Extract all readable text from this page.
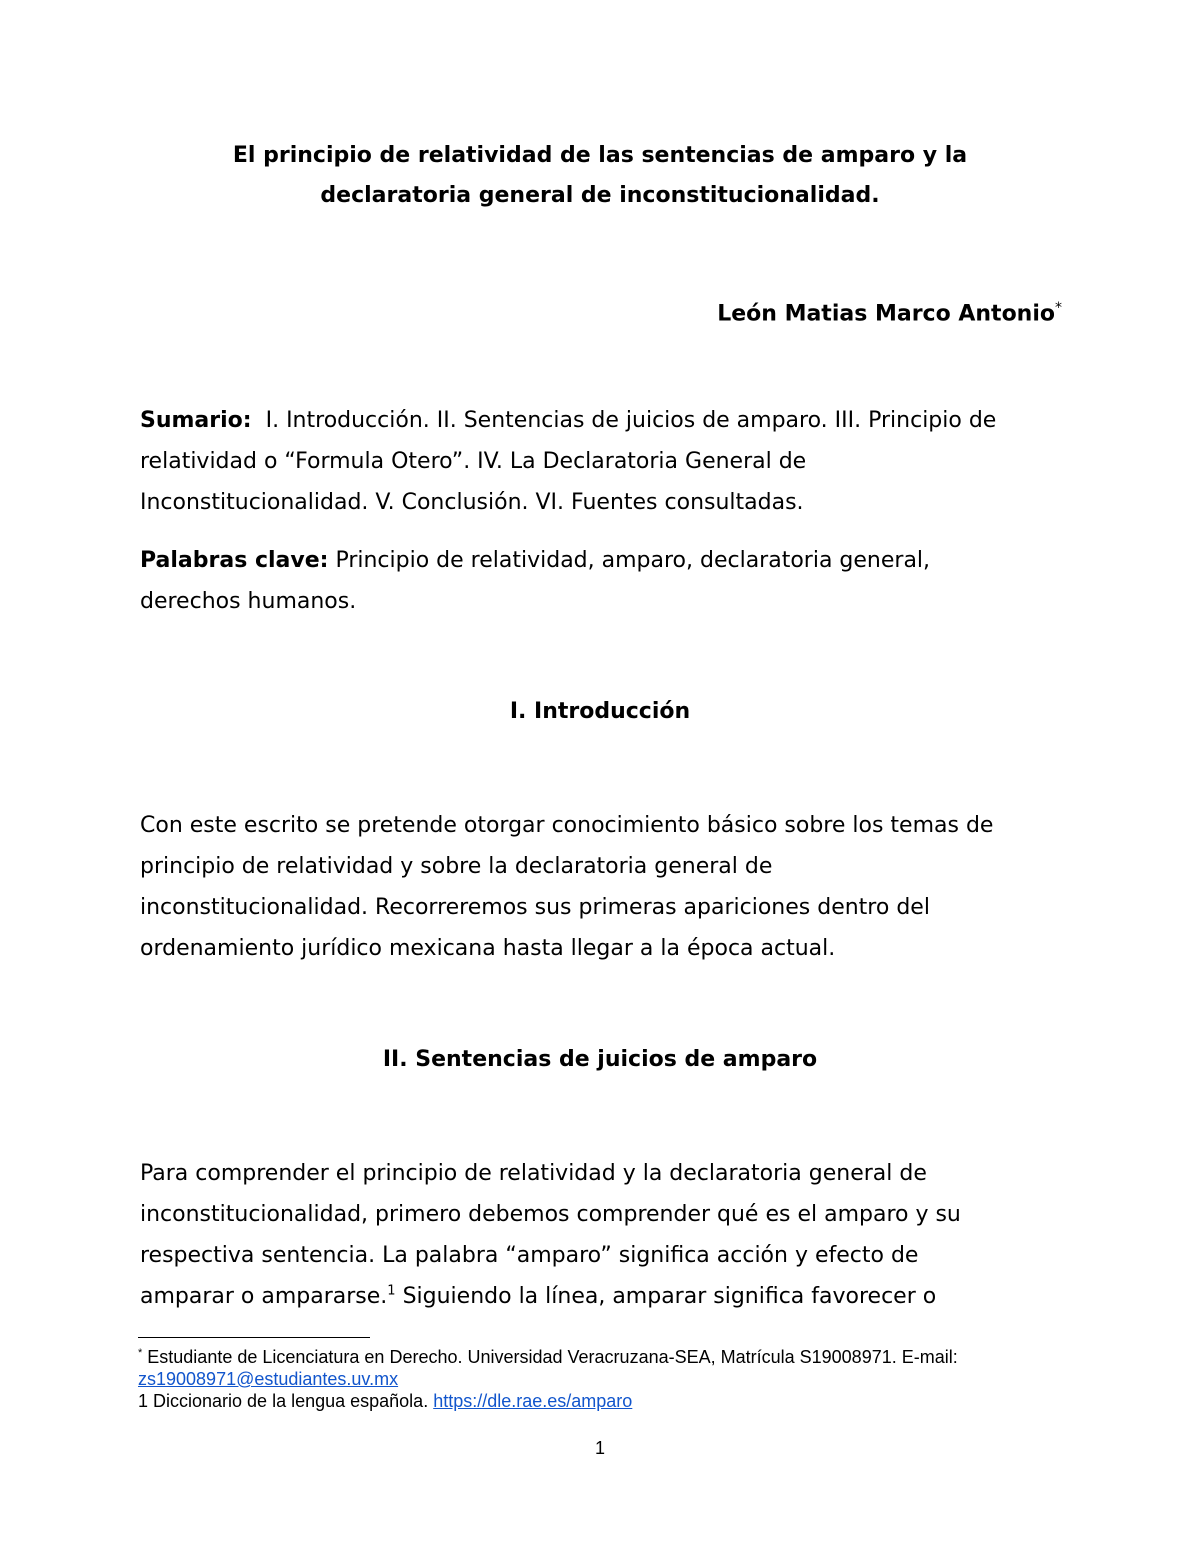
El principio de relatividad de las sentencias de amparo y la
declaratoria general de inconstitucionalidad.
León Matias Marco Antonio*
Sumario: I. Introducción. II. Sentencias de juicios de amparo. III. Principio de
relatividad o “Formula Otero”. IV. La Declaratoria General de
Inconstitucionalidad. V. Conclusión. VI. Fuentes consultadas.
Palabras clave: Principio de relatividad, amparo, declaratoria general,
derechos humanos.
I. Introducción
Con este escrito se pretende otorgar conocimiento básico sobre los temas de
principio de relatividad y sobre la declaratoria general de
inconstitucionalidad. Recorreremos sus primeras apariciones dentro del
ordenamiento jurídico mexicana hasta llegar a la época actual.
II. Sentencias de juicios de amparo
Para comprender el principio de relatividad y la declaratoria general de
inconstitucionalidad, primero debemos comprender qué es el amparo y su
respectiva sentencia. La palabra “amparo” significa acción y efecto de
amparar o ampararse.$^1$ Siguiendo la línea, amparar significa favorecer o
* Estudiante de Licenciatura en Derecho. Universidad Veracruzana-SEA, Matrícula S19008971. E-mail:
zs19008971@estudiantes.uv.mx
1 Diccionario de la lengua española. https://dle.rae.es/amparo
1
